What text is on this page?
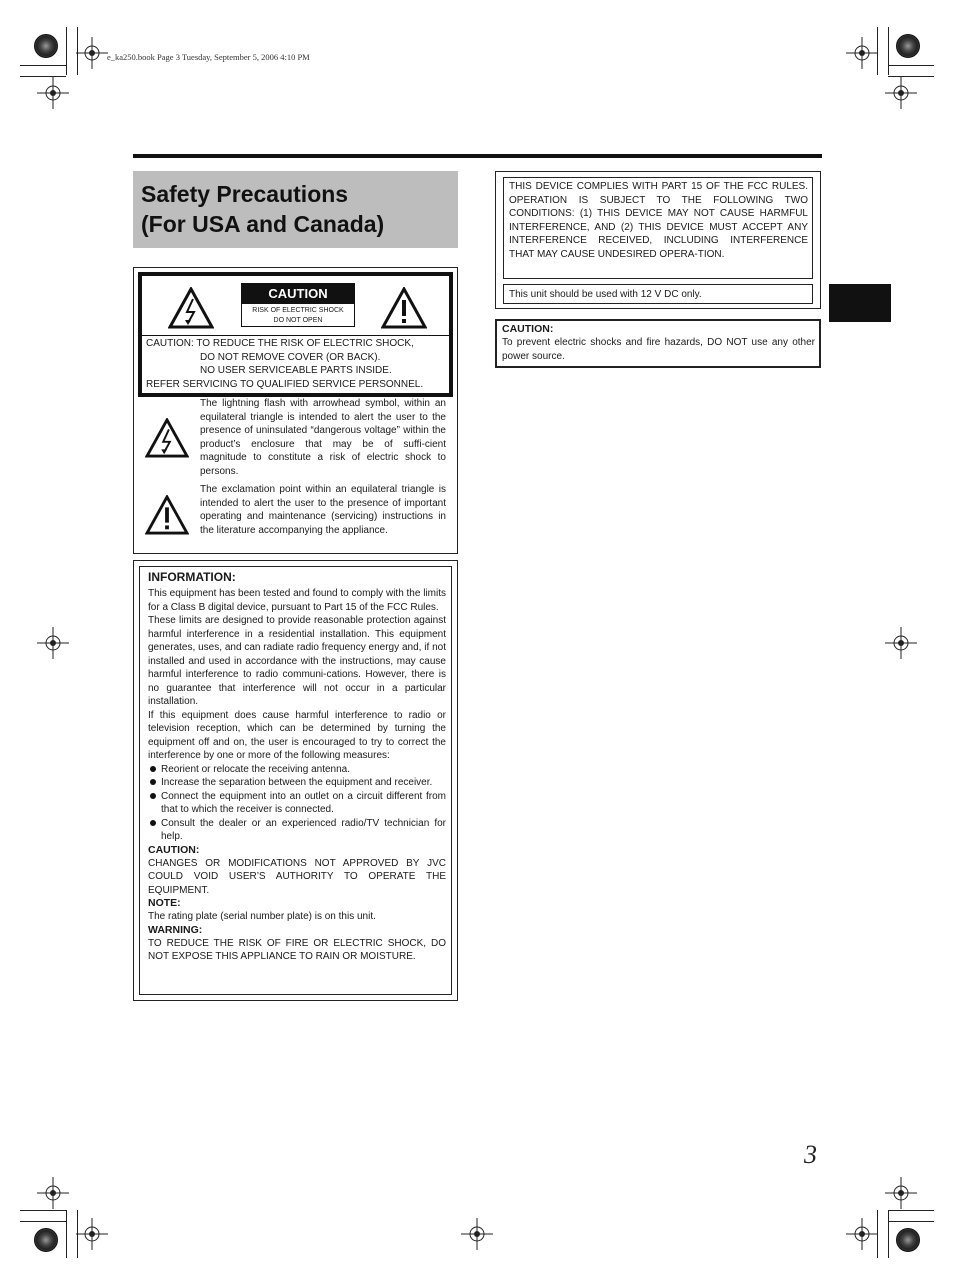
e_ka250.book Page 3 Tuesday, September 5, 2006 4:10 PM
Safety Precautions
(For USA and Canada)
CAUTION
RISK OF ELECTRIC SHOCK
DO NOT OPEN
CAUTION: TO REDUCE THE RISK OF ELECTRIC SHOCK,
DO NOT REMOVE COVER (OR BACK).
NO USER SERVICEABLE PARTS INSIDE.
REFER SERVICING TO QUALIFIED SERVICE PERSONNEL.
The lightning flash with arrowhead symbol, within an equilateral triangle is intended to alert the user to the presence of uninsulated “dangerous voltage” within the product’s enclosure that may be of suffi-cient magnitude to constitute a risk of electric shock to persons.
The exclamation point within an equilateral triangle is intended to alert the user to the presence of important operating and maintenance (servicing) instructions in the literature accompanying the appliance.
INFORMATION:
This equipment has been tested and found to comply with the limits for a Class B digital device, pursuant to Part 15 of the FCC Rules.
These limits are designed to provide reasonable protection against harmful interference in a residential installation. This equipment generates, uses, and can radiate radio frequency energy and, if not installed and used in accordance with the instructions, may cause harmful interference to radio communi-cations. However, there is no guarantee that interference will not occur in a particular installation.
If this equipment does cause harmful interference to radio or television reception, which can be determined by turning the equipment off and on, the user is encouraged to try to correct the interference by one or more of the following measures:
Reorient or relocate the receiving antenna.
Increase the separation between the equipment and receiver.
Connect the equipment into an outlet on a circuit different from that to which the receiver is connected.
Consult the dealer or an experienced radio/TV technician for help.
CAUTION:
CHANGES OR MODIFICATIONS NOT APPROVED BY JVC COULD VOID USER’S AUTHORITY TO OPERATE THE EQUIPMENT.
NOTE:
The rating plate (serial number plate) is on this unit.
WARNING:
TO REDUCE THE RISK OF FIRE OR ELECTRIC SHOCK, DO NOT EXPOSE THIS APPLIANCE TO RAIN OR MOISTURE.
THIS DEVICE COMPLIES WITH PART 15 OF THE FCC RULES. OPERATION IS SUBJECT TO THE FOLLOWING TWO CONDITIONS: (1) THIS DEVICE MAY NOT CAUSE HARMFUL INTERFERENCE, AND (2) THIS DEVICE MUST ACCEPT ANY INTERFERENCE RECEIVED, INCLUDING INTERFERENCE THAT MAY CAUSE UNDESIRED OPERA-TION.
This unit should be used with 12 V DC only.
CAUTION:
To prevent electric shocks and fire hazards, DO NOT use any other power source.
3
